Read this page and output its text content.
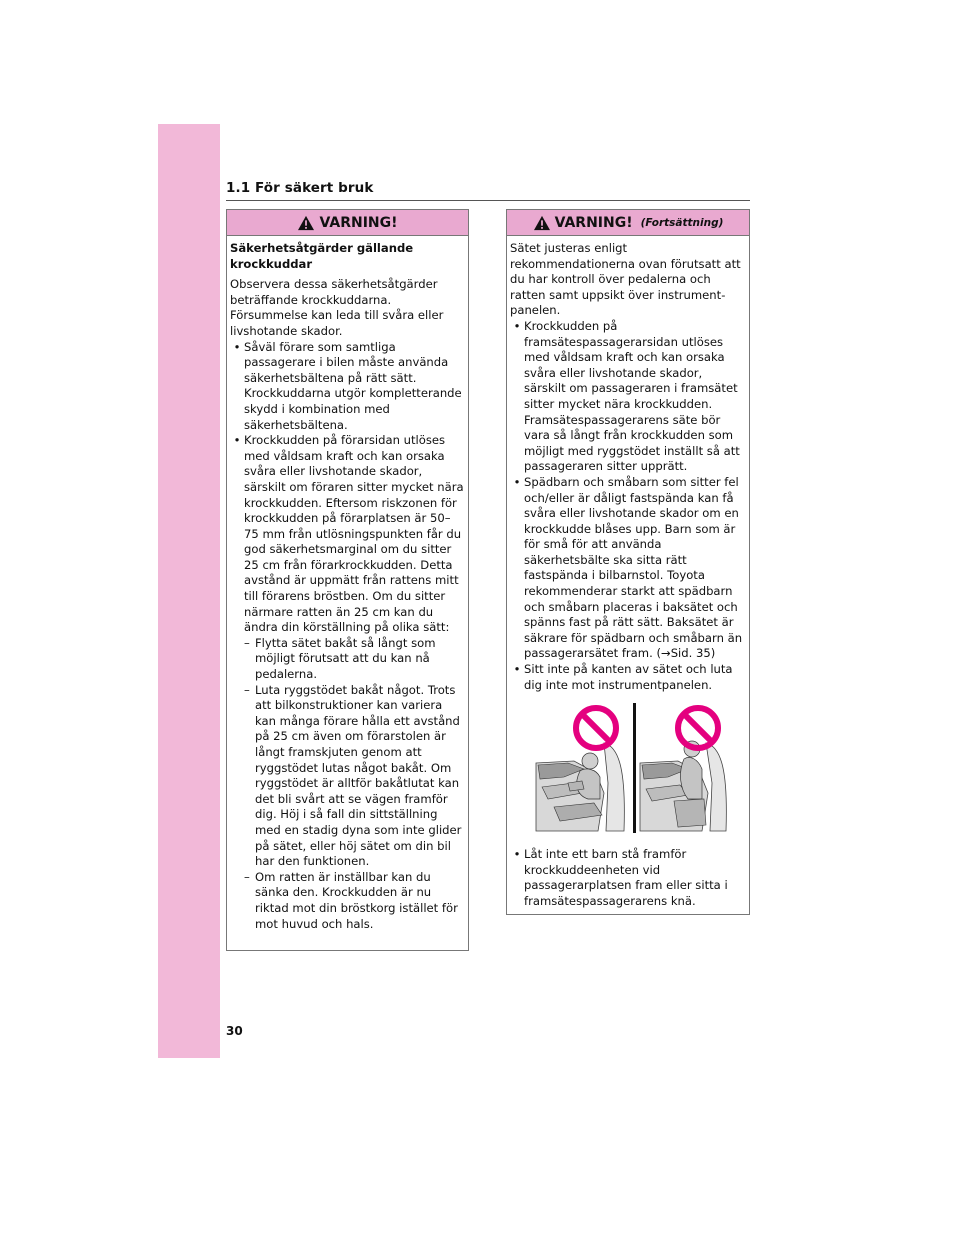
1.1 För säkert bruk
VARNING!

Säkerhetsåtgärder gällande krockkuddar

Observera dessa säkerhetsåtgärder beträffande krockkuddarna. Försummelse kan leda till svåra eller livshotande skador.

• Såväl förare som samtliga passagerare i bilen måste använda säkerhetsbältena på rätt sätt. Krockkuddarna utgör kompletterande skydd i kombination med säkerhetsbältena.
• Krockkudden på förarsidan utlöses med våldsam kraft och kan orsaka svåra eller livshotande skador, särskilt om föraren sitter mycket nära krockkudden. Eftersom riskzonen för krockkudden på förarplatsen är 50–75 mm från utlösningspunkten får du god säkerhetsmarginal om du sitter 25 cm från förarkrockkudden. Detta avstånd är uppmätt från rattens mitt till förarens bröstben. Om du sitter närmare ratten än 25 cm kan du ändra din körställning på olika sätt:
– Flytta sätet bakåt så långt som möjligt förutsatt att du kan nå pedalerna.
– Luta ryggstödet bakåt något. Trots att bilkonstruktioner kan variera kan många förare hålla ett avstånd på 25 cm även om förarstolen är långt framskjuten genom att ryggstödet lutas något bakåt. Om ryggstödet är alltför bakåtlutat kan det bli svårt att se vägen framför dig. Höj i så fall din sittställning med en stadig dyna som inte glider på sätet, eller höj sätet om din bil har den funktionen.
– Om ratten är inställbar kan du sänka den. Krockkudden är nu riktad mot din bröstkorg istället för mot huvud och hals.
VARNING! (Fortsättning)

Sätet justeras enligt rekommendationerna ovan förutsatt att du har kontroll över pedalerna och ratten samt uppsikt över instrument-panelen.

• Krockkudden på framsätespassagerarsidan utlöses med våldsam kraft och kan orsaka svåra eller livshotande skador, särskilt om passageraren i framsätet sitter mycket nära krockkudden. Framsätespassagerarens säte bör vara så långt från krockkudden som möjligt med ryggstödet inställt så att passageraren sitter upprätt.
• Spädbarn och småbarn som sitter fel och/eller är dåligt fastspända kan få svåra eller livshotande skador om en krockkudde blåses upp. Barn som är för små för att använda säkerhetsbälte ska sitta rätt fastspända i bilbarnstol. Toyota rekommenderar starkt att spädbarn och småbarn placeras i baksätet och spänns fast på rätt sätt. Baksätet är säkrare för spädbarn och småbarn än passagerarsätet fram. (→Sid. 35)
• Sitt inte på kanten av sätet och luta dig inte mot instrumentpanelen.
• Låt inte ett barn stå framför krockkuddeenheten vid passagerarplatsen fram eller sitta i framsätespassagerarens knä.
30
